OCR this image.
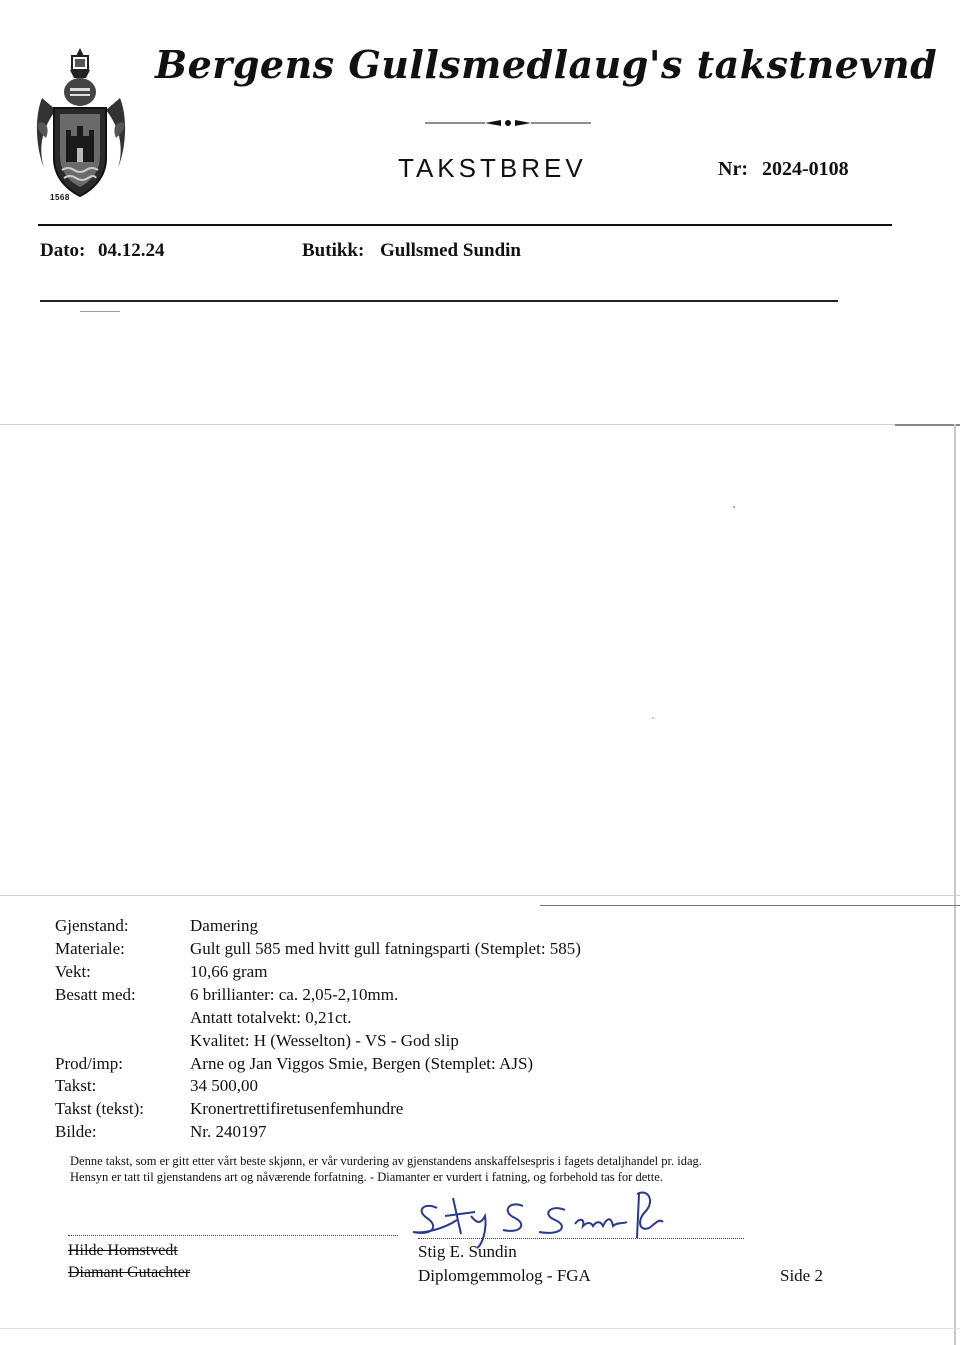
1568
Bergens Gullsmedlaug's takstnevnd
TAKSTBREV	Nr: 2024-0108
Dato: 04.12.24	Butikk: Gullsmed Sundin
Gjenstand:	Damering
Materiale:	Gult gull 585 med hvitt gull fatningsparti (Stemplet: 585)
Vekt:	10,66 gram
Besatt med:	6 brillianter: ca. 2,05-2,10mm.
Antatt totalvekt: 0,21ct.
Kvalitet: H (Wesselton) - VS - God slip
Prod/imp:	Arne og Jan Viggos Smie, Bergen (Stemplet: AJS)
Takst:	34 500,00
Takst (tekst):	Kronertrettifiretusenfemhundre
Bilde:	Nr. 240197
Denne takst, som er gitt etter vårt beste skjønn, er vår vurdering av gjenstandens anskaffelsespris i fagets detaljhandel pr. idag.
Hensyn er tatt til gjenstandens art og nåværende forfatning. - Diamanter er vurdert i fatning, og forbehold tas for dette.
Hilde Homstvedt
Diamant Gutachter
Stig E. Sundin
Diplomgemmolog - FGA	Side 2
